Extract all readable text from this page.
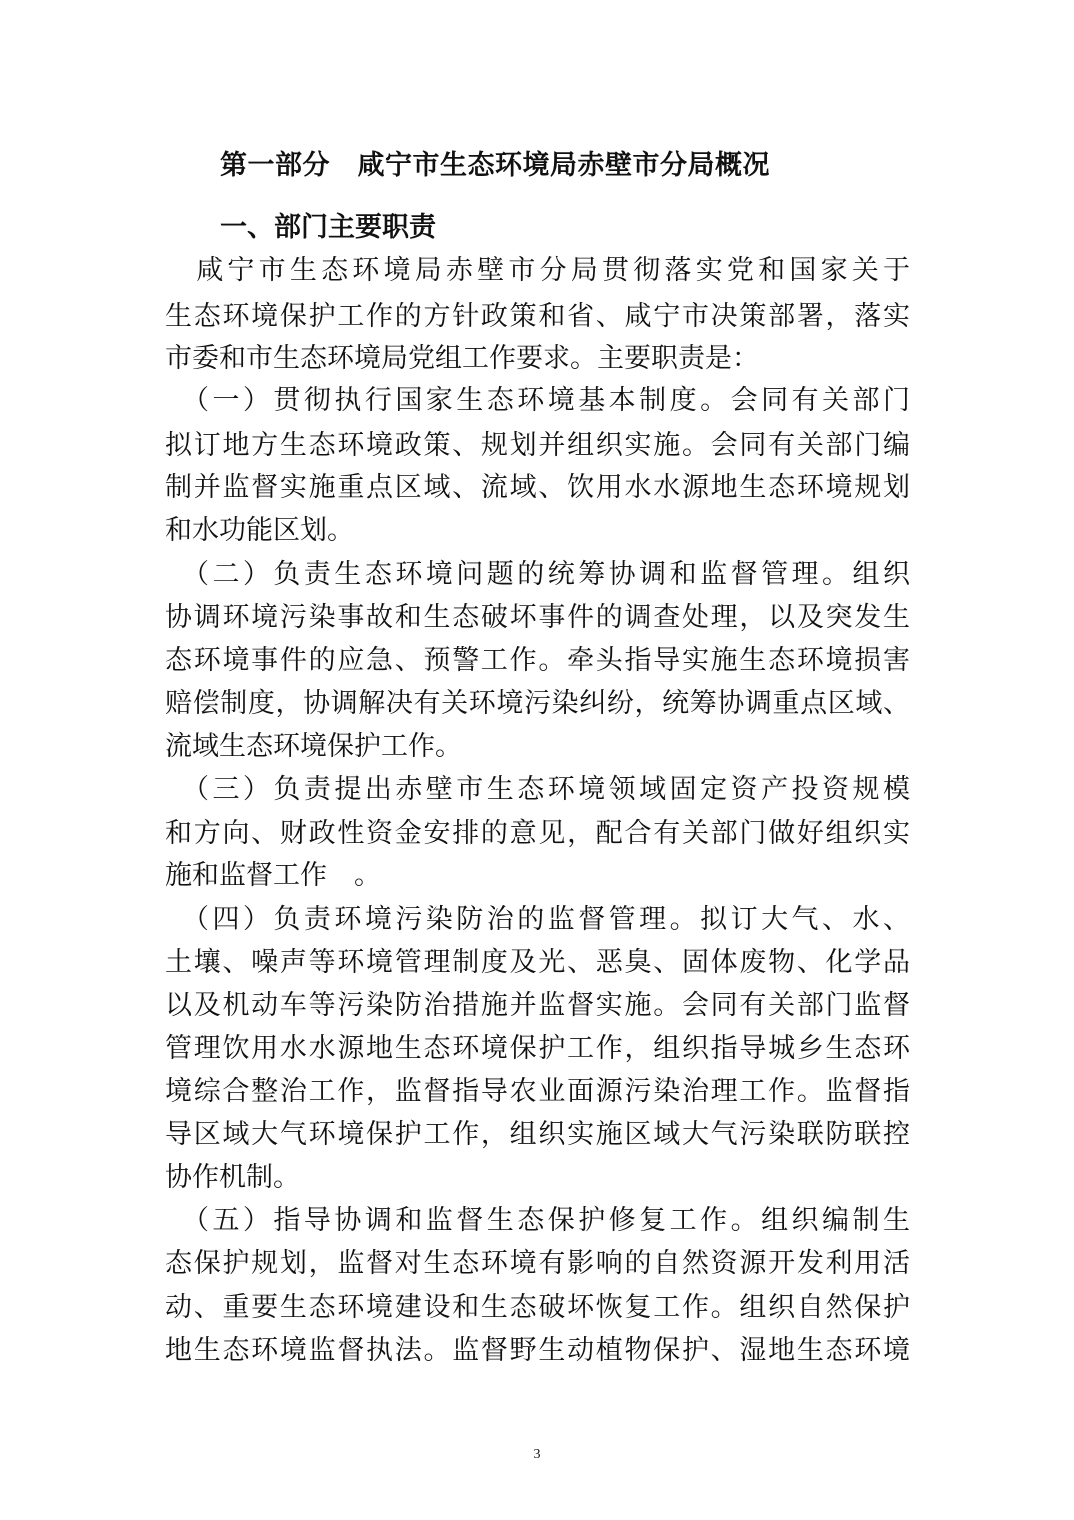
第一部分　咸宁市生态环境局赤壁市分局概况
一、部门主要职责
　咸宁市生态环境局赤壁市分局贯彻落实党和国家关于
生态环境保护工作的方针政策和省、咸宁市决策部署，落实
市委和市生态环境局党组工作要求。主要职责是：
　（一）贯彻执行国家生态环境基本制度。会同有关部门
拟订地方生态环境政策、规划并组织实施。会同有关部门编
制并监督实施重点区域、流域、饮用水水源地生态环境规划
和水功能区划。
　（二）负责生态环境问题的统筹协调和监督管理。组织
协调环境污染事故和生态破坏事件的调查处理，以及突发生
态环境事件的应急、预警工作。牵头指导实施生态环境损害
赔偿制度，协调解决有关环境污染纠纷，统筹协调重点区域、
流域生态环境保护工作。
　（三）负责提出赤壁市生态环境领域固定资产投资规模
和方向、财政性资金安排的意见，配合有关部门做好组织实
施和监督工作　。
　（四）负责环境污染防治的监督管理。拟订大气、水、
土壤、噪声等环境管理制度及光、恶臭、固体废物、化学品
以及机动车等污染防治措施并监督实施。会同有关部门监督
管理饮用水水源地生态环境保护工作，组织指导城乡生态环
境综合整治工作，监督指导农业面源污染治理工作。监督指
导区域大气环境保护工作，组织实施区域大气污染联防联控
协作机制。
　（五）指导协调和监督生态保护修复工作。组织编制生
态保护规划，监督对生态环境有影响的自然资源开发利用活
动、重要生态环境建设和生态破坏恢复工作。组织自然保护
地生态环境监督执法。监督野生动植物保护、湿地生态环境
3
